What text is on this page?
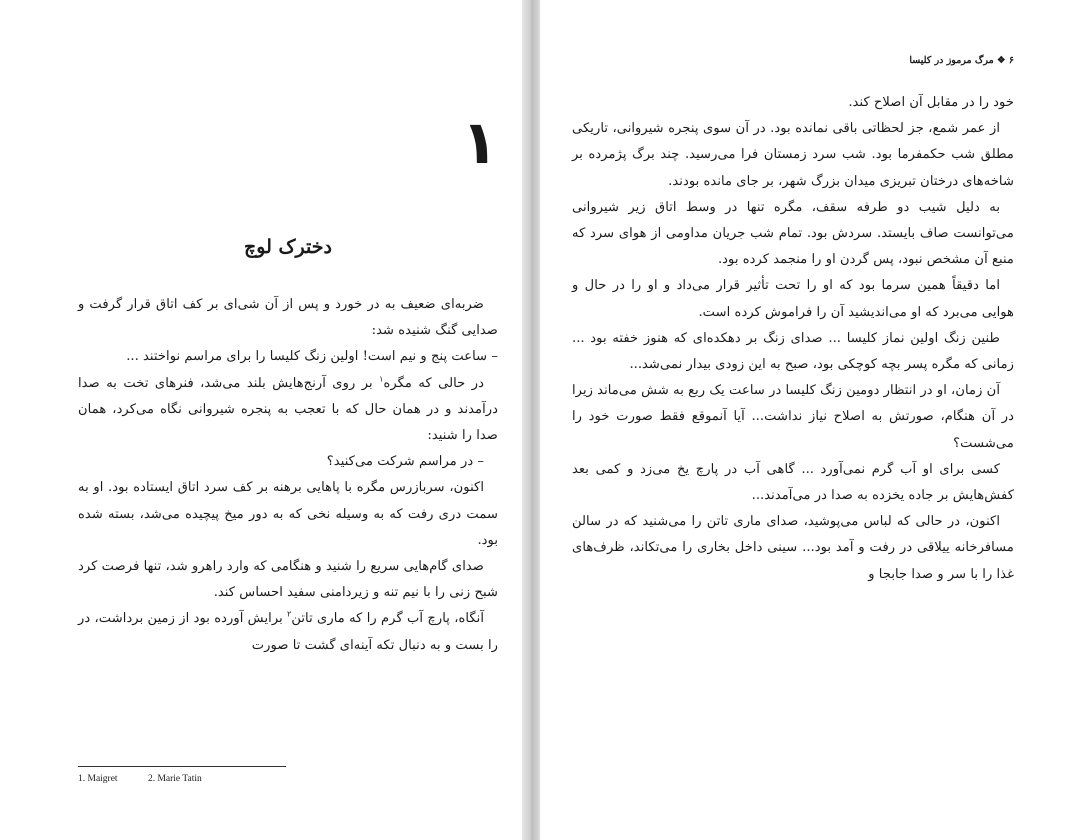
۱
دخترک لوچ

ضربه‌ای ضعیف به در خورد و پس از آن شی‌ای بر کف اتاق قرار گرفت و صدایی گنگ شنیده شد:

– ساعت پنج و نیم است! اولین زنگ کلیسا را برای مراسم نواختند ...

در حالی که مگره$^۱$ بر روی آرنج‌هایش بلند می‌شد، فنرهای تخت به صدا درآمدند و در همان حال که با تعجب به پنجره شیروانی نگاه می‌کرد، همان صدا را شنید:

– در مراسم شرکت می‌کنید؟

اکنون، سربازرس مگره با پاهایی برهنه بر کف سرد اتاق ایستاده بود. او به سمت دری رفت که به وسیله نخی که به دور میخ پیچیده می‌شد، بسته شده بود.

صدای گام‌هایی سریع را شنید و هنگامی که وارد راهرو شد، تنها فرصت کرد شبح زنی را با نیم تنه و زیردامنی سفید احساس کند.

آنگاه، پارچ آب گرم را که ماری تاتن$^۲$ برایش آورده بود از زمین برداشت، در را بست و به دنبال تکه آینه‌ای گشت تا صورت

1. Maigret	2. Marie Tatin
۶ ❖ مرگ مرموز در کلیسا

خود را در مقابل آن اصلاح کند.

از عمر شمع، جز لحظاتی باقی نمانده بود. در آن سوی پنجره شیروانی، تاریکی مطلق شب حکمفرما بود. شب سرد زمستان فرا می‌رسید. چند برگ پژمرده بر شاخه‌های درختان تبریزی میدان بزرگ شهر، بر جای مانده بودند.

به دلیل شیب دو طرفه سقف، مگره تنها در وسط اتاق زیر شیروانی می‌توانست صاف بایستد. سردش بود. تمام شب جریان مداومی از هوای سرد که منبع آن مشخص نبود، پس گردن او را منجمد کرده بود.

اما دقیقاً همین سرما بود که او را تحت تأثیر قرار می‌داد و او را در حال و هوایی می‌برد که او می‌اندیشید آن را فراموش کرده است.

طنین زنگ اولین نماز کلیسا ... صدای زنگ بر دهکده‌ای که هنوز خفته بود ... زمانی که مگره پسر بچه کوچکی بود، صبح به این زودی بیدار نمی‌شد...

آن زمان، او در انتظار دومین زنگ کلیسا در ساعت یک ربع به شش می‌ماند زیرا در آن هنگام، صورتش به اصلاح نیاز نداشت... آیا آنموقع فقط صورت خود را می‌شست؟

کسی برای او آب گرم نمی‌آورد ... گاهی آب در پارچ یخ می‌زد و کمی بعد کفش‌هایش بر جاده یخزده به صدا در می‌آمدند...

اکنون، در حالی که لباس می‌پوشید، صدای ماری تاتن را می‌شنید که در سالن مسافرخانه ییلاقی در رفت و آمد بود... سینی داخل بخاری را می‌تکاند، ظرف‌های غذا را با سر و صدا جابجا و
